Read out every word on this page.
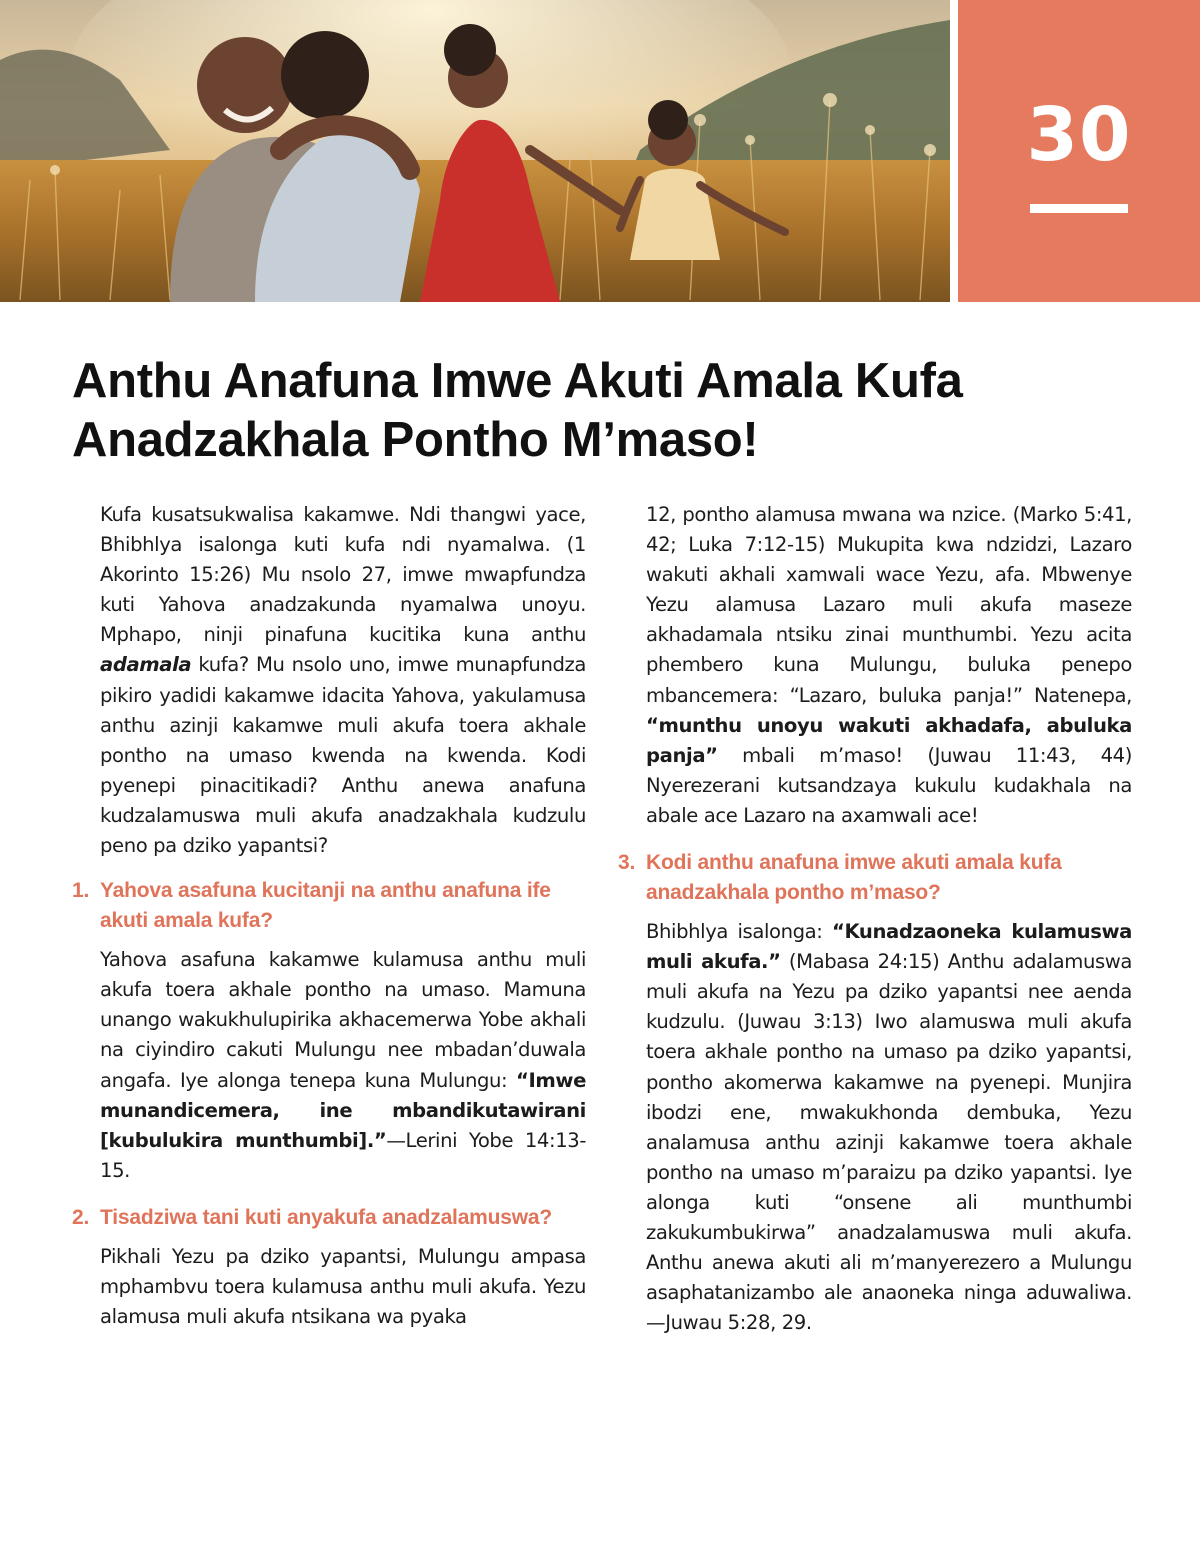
30
Anthu Anafuna Imwe Akuti Amala Kufa
Anadzakhala Pontho M’maso!

Kufa kusatsukwalisa kakamwe. Ndi thangwi yace, Bhibhlya isalonga kuti kufa ndi nyamalwa. (1 Akorinto 15:26) Mu nsolo 27, imwe mwapfundza kuti Yahova anadzakunda nyamalwa unoyu. Mphapo, ninji pinafuna kucitika kuna anthu adamala kufa? Mu nsolo uno, imwe munapfundza pikiro yadidi kakamwe idacita Yahova, yakulamusa anthu azinji kakamwe muli akufa toera akhale pontho na umaso kwenda na kwenda. Kodi pyenepi pinacitikadi? Anthu anewa anafuna kudzalamuswa muli akufa anadzakhala kudzulu peno pa dziko yapantsi?

1. Yahova asafuna kucitanji na anthu anafuna ife akuti amala kufa?

Yahova asafuna kakamwe kulamusa anthu muli akufa toera akhale pontho na umaso. Mamuna unango wakukhulupirika akhacemerwa Yobe akhali na ciyindiro cakuti Mulungu nee mbadan’duwala angafa. Iye alonga tenepa kuna Mulungu: “Imwe munandicemera, ine mbandikutawirani [kubulukira munthumbi].”—Lerini Yobe 14:13-15.

2. Tisadziwa tani kuti anyakufa anadzalamuswa?

Pikhali Yezu pa dziko yapantsi, Mulungu ampasa mphambvu toera kulamusa anthu muli akufa. Yezu alamusa muli akufa ntsikana wa pyaka

12, pontho alamusa mwana wa nzice. (Marko 5:41, 42; Luka 7:12-15) Mukupita kwa ndzidzi, Lazaro wakuti akhali xamwali wace Yezu, afa. Mbwenye Yezu alamusa Lazaro muli akufa maseze akhadamala ntsiku zinai munthumbi. Yezu acita phembero kuna Mulungu, buluka penepo mbancemera: “Lazaro, buluka panja!” Natenepa, “munthu unoyu wakuti akhadafa, abuluka panja” mbali m’maso! (Juwau 11:43, 44) Nyerezerani kutsandzaya kukulu kudakhala na abale ace Lazaro na axamwali ace!

3. Kodi anthu anafuna imwe akuti amala kufa anadzakhala pontho m’maso?

Bhibhlya isalonga: “Kunadzaoneka kulamuswa muli akufa.” (Mabasa 24:15) Anthu adalamuswa muli akufa na Yezu pa dziko yapantsi nee aenda kudzulu. (Juwau 3:13) Iwo alamuswa muli akufa toera akhale pontho na umaso pa dziko yapantsi, pontho akomerwa kakamwe na pyenepi. Munjira ibodzi ene, mwakukhonda dembuka, Yezu analamusa anthu azinji kakamwe toera akhale pontho na umaso m’paraizu pa dziko yapantsi. Iye alonga kuti “onsene ali munthumbi zakukumbukirwa” anadzalamuswa muli akufa. Anthu anewa akuti ali m’manyerezero a Mulungu asaphatanizambo ale anaoneka ninga aduwaliwa.—Juwau 5:28, 29.
